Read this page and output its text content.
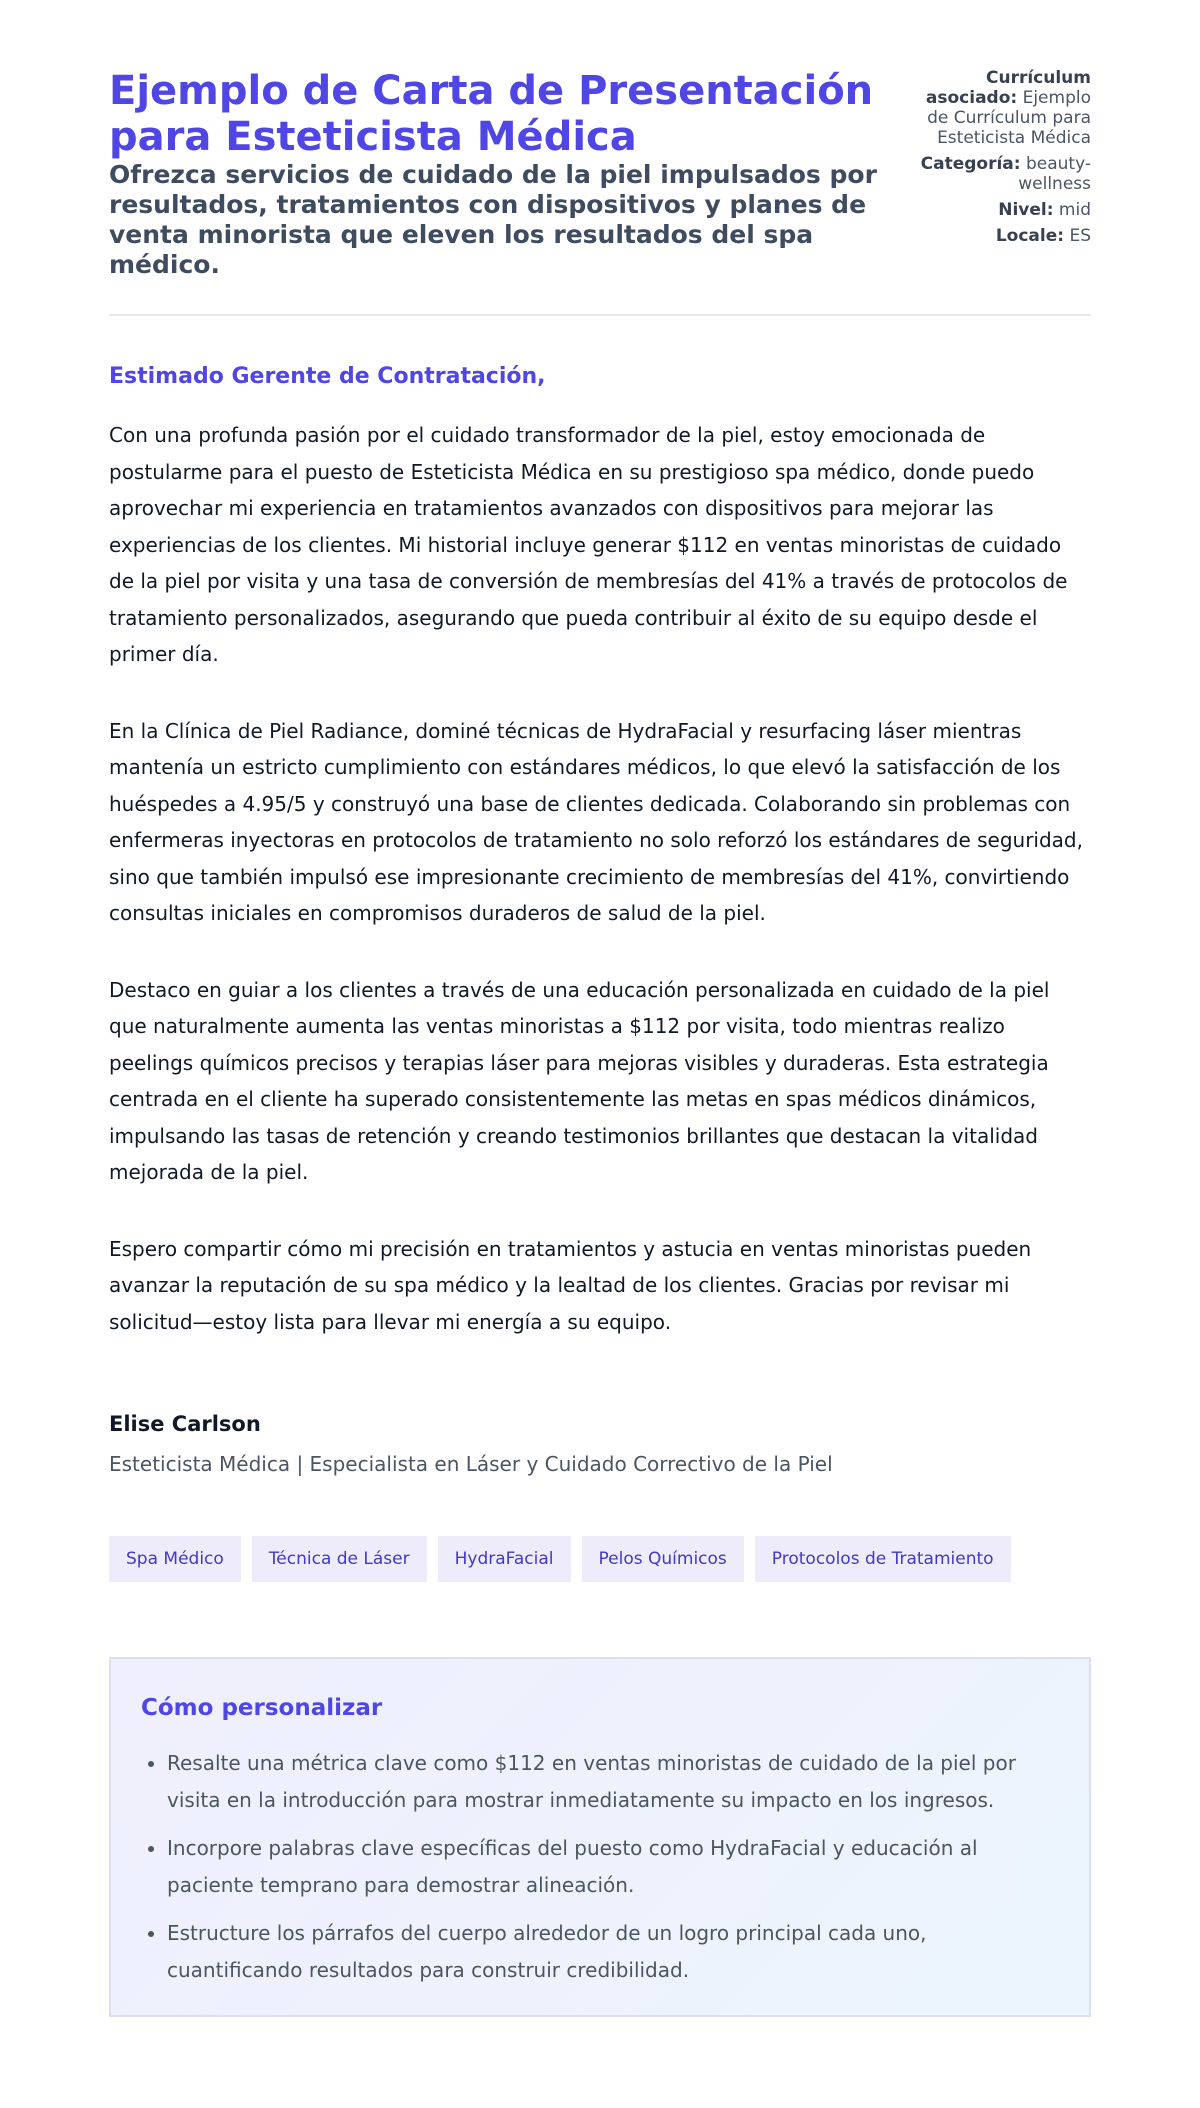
Ejemplo de Carta de Presentación para Esteticista Médica
Ofrezca servicios de cuidado de la piel impulsados por resultados, tratamientos con dispositivos y planes de venta minorista que eleven los resultados del spa médico.
Currículum asociado: Ejemplo de Currículum para Esteticista Médica
Categoría: beauty-wellness
Nivel: mid
Locale: ES
Estimado Gerente de Contratación,

Con una profunda pasión por el cuidado transformador de la piel, estoy emocionada de postularme para el puesto de Esteticista Médica en su prestigioso spa médico, donde puedo aprovechar mi experiencia en tratamientos avanzados con dispositivos para mejorar las experiencias de los clientes. Mi historial incluye generar $112 en ventas minoristas de cuidado de la piel por visita y una tasa de conversión de membresías del 41% a través de protocolos de tratamiento personalizados, asegurando que pueda contribuir al éxito de su equipo desde el primer día.

En la Clínica de Piel Radiance, dominé técnicas de HydraFacial y resurfacing láser mientras mantenía un estricto cumplimiento con estándares médicos, lo que elevó la satisfacción de los huéspedes a 4.95/5 y construyó una base de clientes dedicada. Colaborando sin problemas con enfermeras inyectoras en protocolos de tratamiento no solo reforzó los estándares de seguridad, sino que también impulsó ese impresionante crecimiento de membresías del 41%, convirtiendo consultas iniciales en compromisos duraderos de salud de la piel.

Destaco en guiar a los clientes a través de una educación personalizada en cuidado de la piel que naturalmente aumenta las ventas minoristas a $112 por visita, todo mientras realizo peelings químicos precisos y terapias láser para mejoras visibles y duraderas. Esta estrategia centrada en el cliente ha superado consistentemente las metas en spas médicos dinámicos, impulsando las tasas de retención y creando testimonios brillantes que destacan la vitalidad mejorada de la piel.

Espero compartir cómo mi precisión en tratamientos y astucia en ventas minoristas pueden avanzar la reputación de su spa médico y la lealtad de los clientes. Gracias por revisar mi solicitud—estoy lista para llevar mi energía a su equipo.

Elise Carlson
Esteticista Médica | Especialista en Láser y Cuidado Correctivo de la Piel
Spa Médico	Técnica de Láser	HydraFacial	Pelos Químicos	Protocolos de Tratamiento
Cómo personalizar
• Resalte una métrica clave como $112 en ventas minoristas de cuidado de la piel por visita en la introducción para mostrar inmediatamente su impacto en los ingresos.
• Incorpore palabras clave específicas del puesto como HydraFacial y educación al paciente temprano para demostrar alineación.
• Estructure los párrafos del cuerpo alrededor de un logro principal cada uno, cuantificando resultados para construir credibilidad.
